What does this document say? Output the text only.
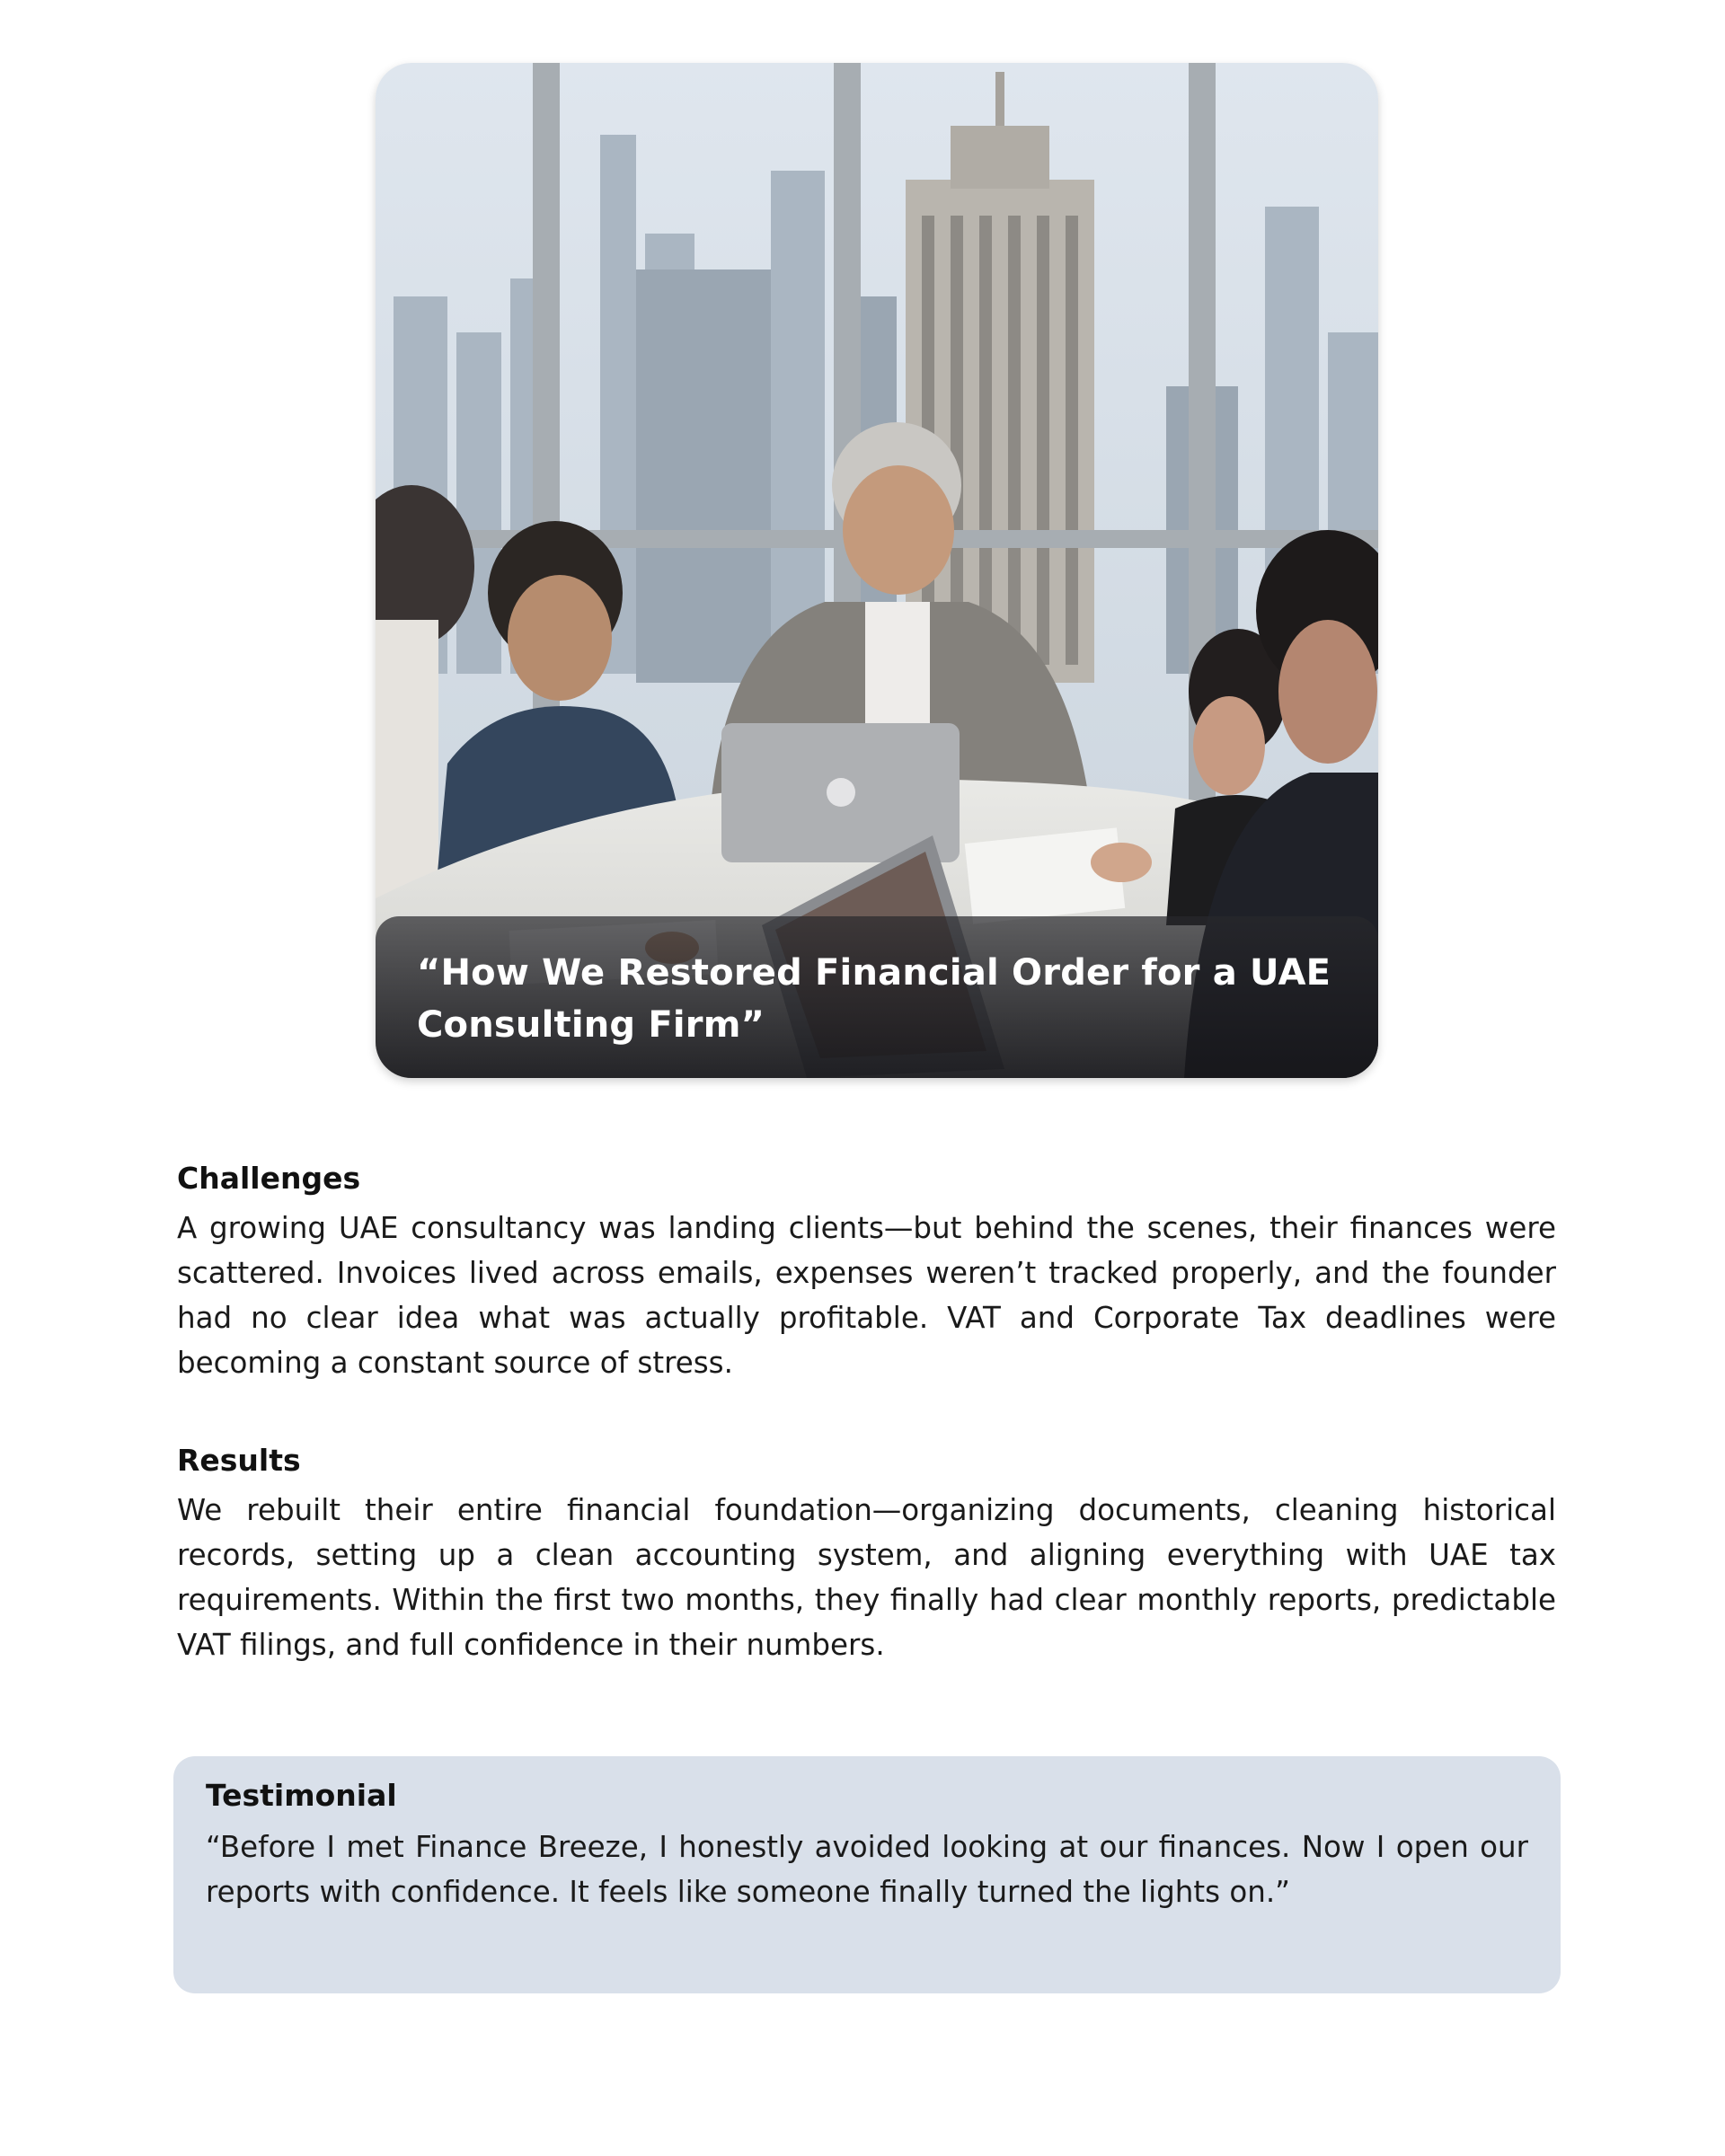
“How We Restored Financial Order for a UAE Consulting Firm”
Challenges

A growing UAE consultancy was landing clients—but behind the scenes, their finances were scattered. Invoices lived across emails, expenses weren’t tracked properly, and the founder had no clear idea what was actually profitable. VAT and Corporate Tax deadlines were becoming a constant source of stress.

Results

We rebuilt their entire financial foundation—organizing documents, cleaning historical records, setting up a clean accounting system, and aligning everything with UAE tax requirements. Within the first two months, they finally had clear monthly reports, predictable VAT filings, and full confidence in their numbers.

Testimonial

“Before I met Finance Breeze, I honestly avoided looking at our finances. Now I open our reports with confidence. It feels like someone finally turned the lights on.”
